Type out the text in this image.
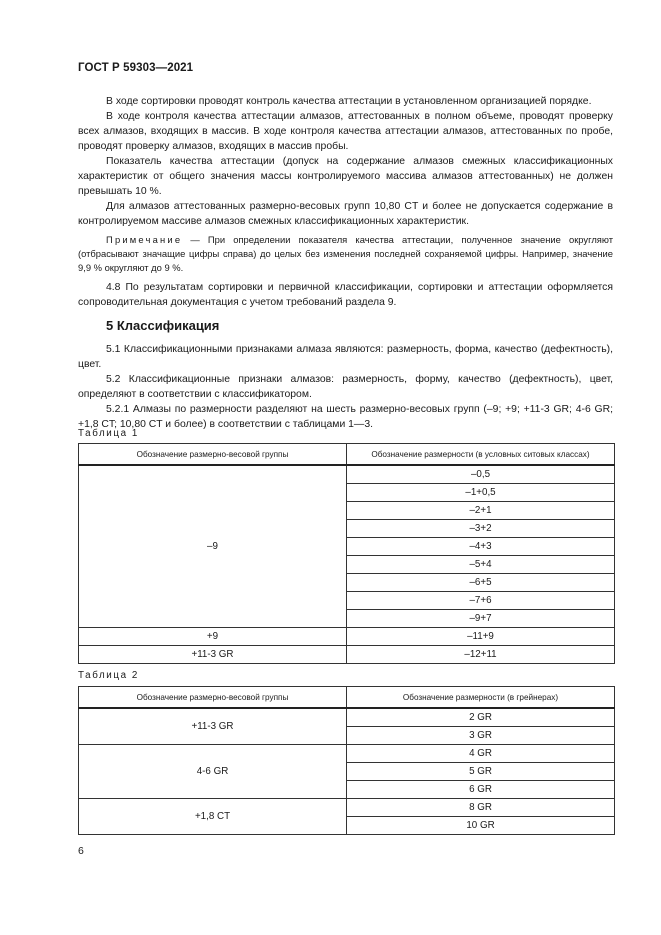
ГОСТ Р 59303—2021

В ходе сортировки проводят контроль качества аттестации в установленном организацией порядке.

В ходе контроля качества аттестации алмазов, аттестованных в полном объеме, проводят проверку всех алмазов, входящих в массив. В ходе контроля качества аттестации алмазов, аттестованных по пробе, проводят проверку алмазов, входящих в массив пробы.

Показатель качества аттестации (допуск на содержание алмазов смежных классификационных характеристик от общего значения массы контролируемого массива алмазов аттестованных) не должен превышать 10 %.

Для алмазов аттестованных размерно-весовых групп 10,80 CT и более не допускается содержание в контролируемом массиве алмазов смежных классификационных характеристик.

Примечание — При определении показателя качества аттестации, полученное значение округляют (отбрасывают значащие цифры справа) до целых без изменения последней сохраняемой цифры. Например, значение 9,9 % округляют до 9 %.

4.8 По результатам сортировки и первичной классификации, сортировки и аттестации оформляется сопроводительная документация с учетом требований раздела 9.

5 Классификация

5.1 Классификационными признаками алмаза являются: размерность, форма, качество (дефектность), цвет.

5.2 Классификационные признаки алмазов: размерность, форму, качество (дефектность), цвет, определяют в соответствии с классификатором.

5.2.1 Алмазы по размерности разделяют на шесть размерно-весовых групп (–9; +9; +11-3 GR; 4-6 GR; +1,8 CT; 10,80 CT и более) в соответствии с таблицами 1—3.

Таблица 1
Обозначение размерно-весовой группы	Обозначение размерности (в условных ситовых классах)
–9	–0,5
	–1+0,5
	–2+1
	–3+2
	–4+3
	–5+4
	–6+5
	–7+6
	–9+7
+9	–11+9
+11-3 GR	–12+11
Таблица 2
Обозначение размерно-весовой группы	Обозначение размерности (в грейнерах)
+11-3 GR	2 GR
	3 GR
4-6 GR	4 GR
	5 GR
	6 GR
+1,8 CT	8 GR
	10 GR
6
